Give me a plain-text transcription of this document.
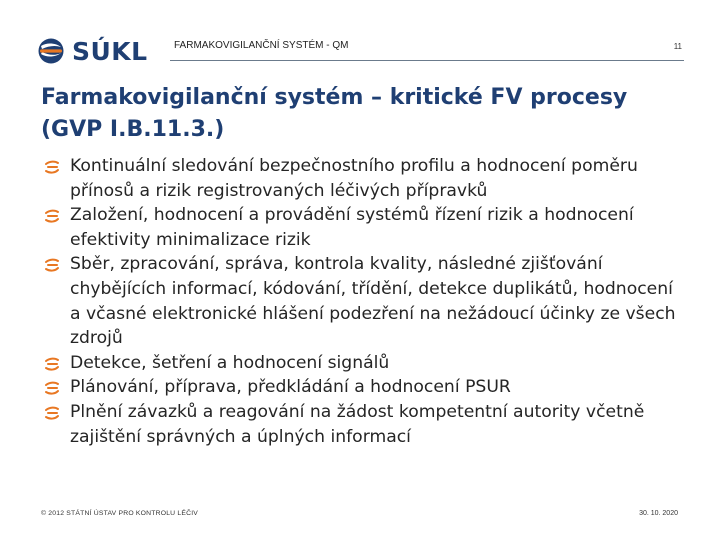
SÚKL	FARMAKOVIGILANČNÍ SYSTÉM - QM	11
Farmakovigilanční systém – kritické FV procesy (GVP I.B.11.3.)
Kontinuální sledování bezpečnostního profilu a hodnocení poměru přínosů a rizik registrovaných léčivých přípravků
Založení, hodnocení a provádění systémů řízení rizik a hodnocení efektivity minimalizace rizik
Sběr, zpracování, správa, kontrola kvality, následné zjišťování chybějících informací, kódování, třídění, detekce duplikátů, hodnocení a včasné elektronické hlášení podezření na nežádoucí účinky ze všech zdrojů
Detekce, šetření a hodnocení signálů
Plánování, příprava, předkládání a hodnocení PSUR
Plnění závazků a reagování na žádost kompetentní autority včetně zajištění správných a úplných informací
© 2012 STÁTNÍ ÚSTAV PRO KONTROLU LÉČIV	30. 10. 2020
